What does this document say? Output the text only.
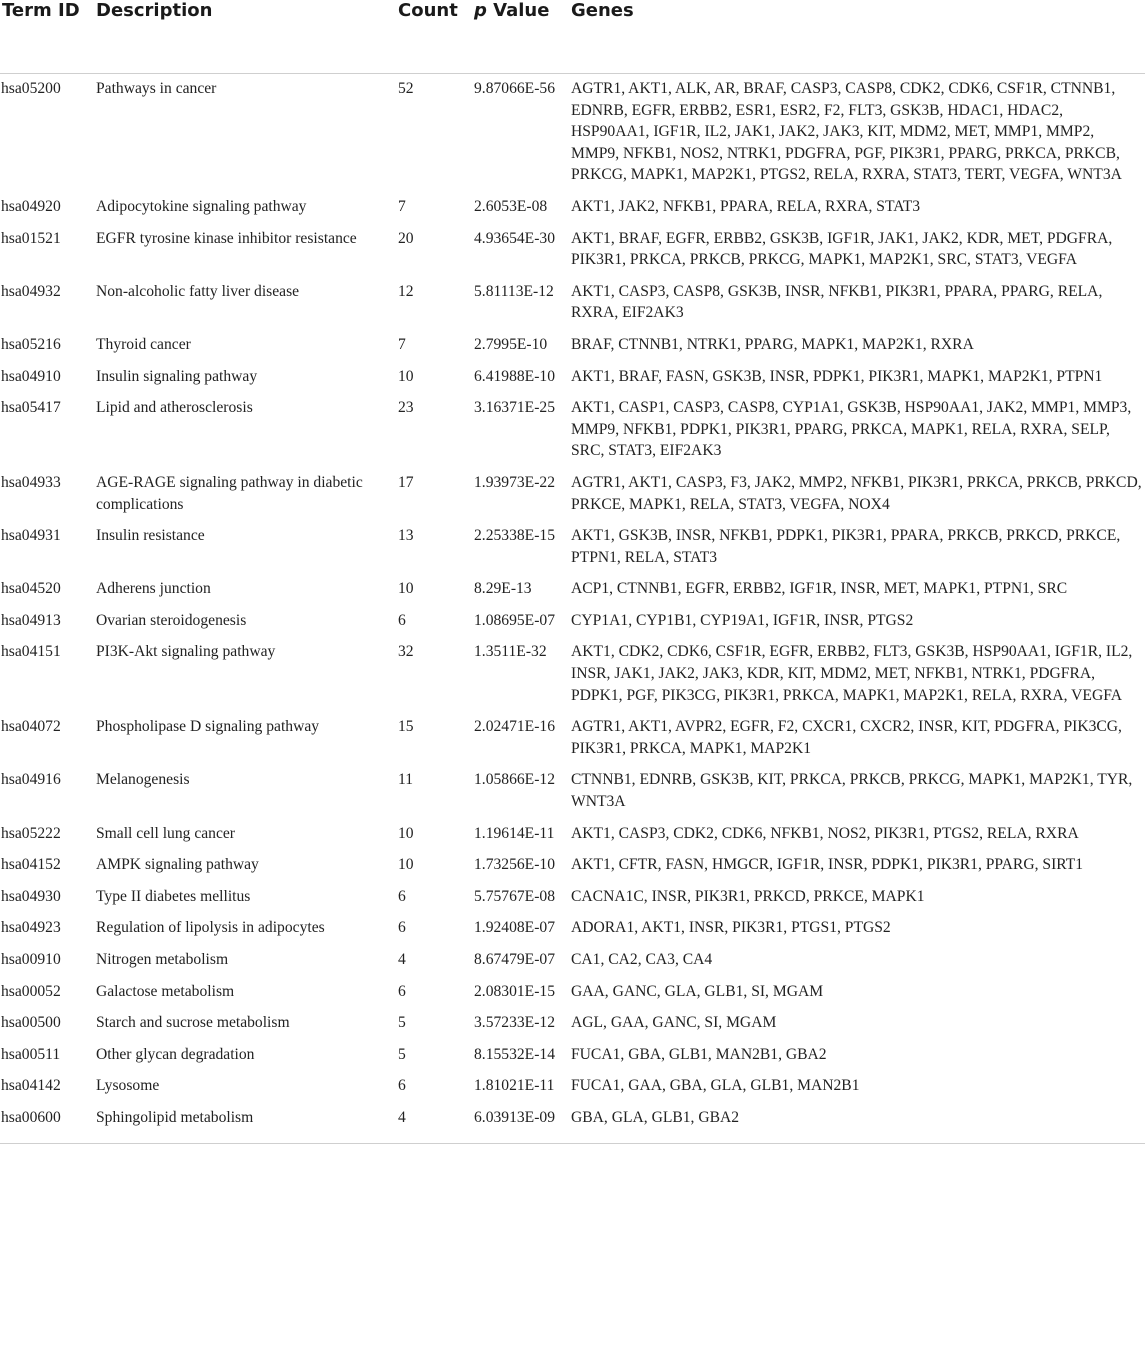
Term ID	Description	Count	p Value	Genes
hsa05200	Pathways in cancer	52	9.87066E-56	AGTR1, AKT1, ALK, AR, BRAF, CASP3, CASP8, CDK2, CDK6, CSF1R, CTNNB1, EDNRB, EGFR, ERBB2, ESR1, ESR2, F2, FLT3, GSK3B, HDAC1, HDAC2, HSP90AA1, IGF1R, IL2, JAK1, JAK2, JAK3, KIT, MDM2, MET, MMP1, MMP2, MMP9, NFKB1, NOS2, NTRK1, PDGFRA, PGF, PIK3R1, PPARG, PRKCA, PRKCB, PRKCG, MAPK1, MAP2K1, PTGS2, RELA, RXRA, STAT3, TERT, VEGFA, WNT3A
hsa04920	Adipocytokine signaling pathway	7	2.6053E-08	AKT1, JAK2, NFKB1, PPARA, RELA, RXRA, STAT3
hsa01521	EGFR tyrosine kinase inhibitor resistance	20	4.93654E-30	AKT1, BRAF, EGFR, ERBB2, GSK3B, IGF1R, JAK1, JAK2, KDR, MET, PDGFRA, PIK3R1, PRKCA, PRKCB, PRKCG, MAPK1, MAP2K1, SRC, STAT3, VEGFA
hsa04932	Non-alcoholic fatty liver disease	12	5.81113E-12	AKT1, CASP3, CASP8, GSK3B, INSR, NFKB1, PIK3R1, PPARA, PPARG, RELA, RXRA, EIF2AK3
hsa05216	Thyroid cancer	7	2.7995E-10	BRAF, CTNNB1, NTRK1, PPARG, MAPK1, MAP2K1, RXRA
hsa04910	Insulin signaling pathway	10	6.41988E-10	AKT1, BRAF, FASN, GSK3B, INSR, PDPK1, PIK3R1, MAPK1, MAP2K1, PTPN1
hsa05417	Lipid and atherosclerosis	23	3.16371E-25	AKT1, CASP1, CASP3, CASP8, CYP1A1, GSK3B, HSP90AA1, JAK2, MMP1, MMP3, MMP9, NFKB1, PDPK1, PIK3R1, PPARG, PRKCA, MAPK1, RELA, RXRA, SELP, SRC, STAT3, EIF2AK3
hsa04933	AGE-RAGE signaling pathway in diabetic complications	17	1.93973E-22	AGTR1, AKT1, CASP3, F3, JAK2, MMP2, NFKB1, PIK3R1, PRKCA, PRKCB, PRKCD, PRKCE, MAPK1, RELA, STAT3, VEGFA, NOX4
hsa04931	Insulin resistance	13	2.25338E-15	AKT1, GSK3B, INSR, NFKB1, PDPK1, PIK3R1, PPARA, PRKCB, PRKCD, PRKCE, PTPN1, RELA, STAT3
hsa04520	Adherens junction	10	8.29E-13	ACP1, CTNNB1, EGFR, ERBB2, IGF1R, INSR, MET, MAPK1, PTPN1, SRC
hsa04913	Ovarian steroidogenesis	6	1.08695E-07	CYP1A1, CYP1B1, CYP19A1, IGF1R, INSR, PTGS2
hsa04151	PI3K-Akt signaling pathway	32	1.3511E-32	AKT1, CDK2, CDK6, CSF1R, EGFR, ERBB2, FLT3, GSK3B, HSP90AA1, IGF1R, IL2, INSR, JAK1, JAK2, JAK3, KDR, KIT, MDM2, MET, NFKB1, NTRK1, PDGFRA, PDPK1, PGF, PIK3CG, PIK3R1, PRKCA, MAPK1, MAP2K1, RELA, RXRA, VEGFA
hsa04072	Phospholipase D signaling pathway	15	2.02471E-16	AGTR1, AKT1, AVPR2, EGFR, F2, CXCR1, CXCR2, INSR, KIT, PDGFRA, PIK3CG, PIK3R1, PRKCA, MAPK1, MAP2K1
hsa04916	Melanogenesis	11	1.05866E-12	CTNNB1, EDNRB, GSK3B, KIT, PRKCA, PRKCB, PRKCG, MAPK1, MAP2K1, TYR, WNT3A
hsa05222	Small cell lung cancer	10	1.19614E-11	AKT1, CASP3, CDK2, CDK6, NFKB1, NOS2, PIK3R1, PTGS2, RELA, RXRA
hsa04152	AMPK signaling pathway	10	1.73256E-10	AKT1, CFTR, FASN, HMGCR, IGF1R, INSR, PDPK1, PIK3R1, PPARG, SIRT1
hsa04930	Type II diabetes mellitus	6	5.75767E-08	CACNA1C, INSR, PIK3R1, PRKCD, PRKCE, MAPK1
hsa04923	Regulation of lipolysis in adipocytes	6	1.92408E-07	ADORA1, AKT1, INSR, PIK3R1, PTGS1, PTGS2
hsa00910	Nitrogen metabolism	4	8.67479E-07	CA1, CA2, CA3, CA4
hsa00052	Galactose metabolism	6	2.08301E-15	GAA, GANC, GLA, GLB1, SI, MGAM
hsa00500	Starch and sucrose metabolism	5	3.57233E-12	AGL, GAA, GANC, SI, MGAM
hsa00511	Other glycan degradation	5	8.15532E-14	FUCA1, GBA, GLB1, MAN2B1, GBA2
hsa04142	Lysosome	6	1.81021E-11	FUCA1, GAA, GBA, GLA, GLB1, MAN2B1
hsa00600	Sphingolipid metabolism	4	6.03913E-09	GBA, GLA, GLB1, GBA2
